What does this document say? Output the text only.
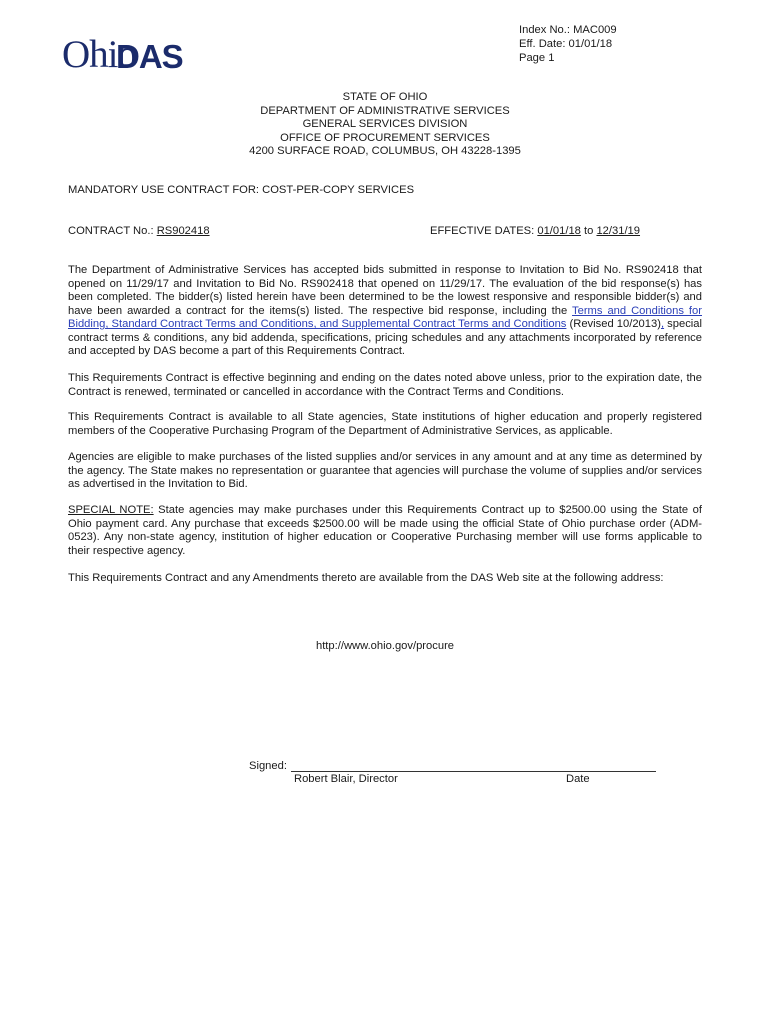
Ohio
DAS
Index No.: MAC009
Eff. Date: 01/01/18
Page 1
STATE OF OHIO
DEPARTMENT OF ADMINISTRATIVE SERVICES
GENERAL SERVICES DIVISION
OFFICE OF PROCUREMENT SERVICES
4200 SURFACE ROAD, COLUMBUS, OH 43228-1395
MANDATORY USE CONTRACT FOR: COST-PER-COPY SERVICES
CONTRACT No.: RS902418	EFFECTIVE DATES: 01/01/18 to 12/31/19

The Department of Administrative Services has accepted bids submitted in response to Invitation to Bid No. RS902418 that opened on 11/29/17 and Invitation to Bid No. RS902418 that opened on 11/29/17. The evaluation of the bid response(s) has been completed. The bidder(s) listed herein have been determined to be the lowest responsive and responsible bidder(s) and have been awarded a contract for the items(s) listed. The respective bid response, including the Terms and Conditions for Bidding, Standard Contract Terms and Conditions, and Supplemental Contract Terms and Conditions (Revised 10/2013), special contract terms & conditions, any bid addenda, specifications, pricing schedules and any attachments incorporated by reference and accepted by DAS become a part of this Requirements Contract.

This Requirements Contract is effective beginning and ending on the dates noted above unless, prior to the expiration date, the Contract is renewed, terminated or cancelled in accordance with the Contract Terms and Conditions.

This Requirements Contract is available to all State agencies, State institutions of higher education and properly registered members of the Cooperative Purchasing Program of the Department of Administrative Services, as applicable.

Agencies are eligible to make purchases of the listed supplies and/or services in any amount and at any time as determined by the agency. The State makes no representation or guarantee that agencies will purchase the volume of supplies and/or services as advertised in the Invitation to Bid.

SPECIAL NOTE: State agencies may make purchases under this Requirements Contract up to $2500.00 using the State of Ohio payment card. Any purchase that exceeds $2500.00 will be made using the official State of Ohio purchase order (ADM-0523). Any non-state agency, institution of higher education or Cooperative Purchasing member will use forms applicable to their respective agency.

This Requirements Contract and any Amendments thereto are available from the DAS Web site at the following address:

http://www.ohio.gov/procure
Signed:
Robert Blair, Director	Date
